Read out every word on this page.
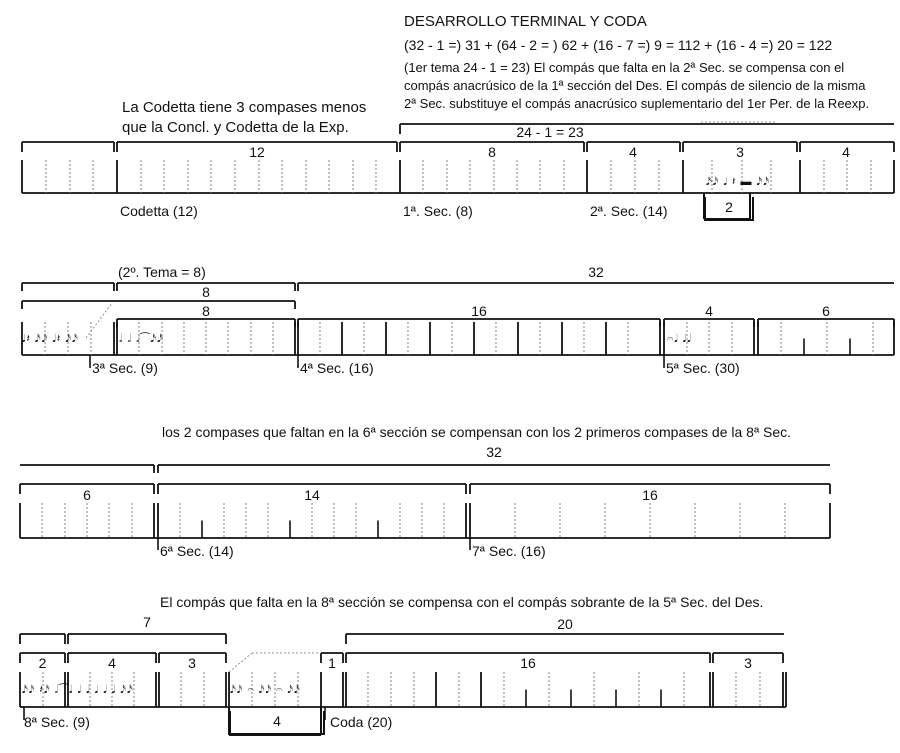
DESARROLLO TERMINAL Y CODA
(32 - 1 =) 31 + (64 - 2 = ) 62 + (16 - 7 =) 9 = 112 + (16 - 4 =) 20 = 122
(1er tema 24 - 1 = 23) El compás que falta en la 2ª Sec. se compensa con el
compás anacrúsico de la 1ª sección del Des. El compás de silencio de la misma
2ª Sec. substituye el compás anacrúsico suplementario del 1er Per. de la Reexp.
La Codetta tiene 3 compases menos
que la Concl. y Codetta de la Exp.	24 - 1 = 23
12	8	4	3	4
Codetta (12)	1ª. Sec. (8)	2ª. Sec. (14)	2
𝅘𝅥𝅯𝅘𝅥𝅯 𝅘𝅥 𝄽 ▬ 𝅘𝅥𝅯𝅘𝅥𝅯
(2º. Tema = 8)	32
8
8	16	4	6
3ª Sec. (9)	4ª Sec. (16)	5ª Sec. (30)
𝅘𝅥𝄽 𝅘𝅥𝅯𝅘𝅥𝅯 𝅘𝅥𝄽 𝅘𝅥𝅯𝅘𝅥𝅯	𝅗𝅥 𝅗𝅥 𝅗𝅥⁀𝅘𝅥𝅯𝅘𝅥𝅯	𝄐𝅘𝅥 𝅘𝅥𝅘𝅥
los 2 compases que faltan en la 6ª sección se compensan con los 2 primeros compases de la 8ª Sec.
32
6	14	16
6ª Sec. (14)	7ª Sec. (16)
El compás que falta en la 8ª sección se compensa con el compás sobrante de la 5ª Sec. del Des.
7	20
2	4	3	1	16	3
8ª Sec. (9)	Coda (20)
4
𝅘𝅥𝅯𝅘𝅥𝅯 𝄽𝅘𝅥𝅯 𝅗𝅥⁀𝅘𝅥 𝅘𝅥 𝅘𝅥 𝅘𝅥 𝅘𝅥 𝅘𝅥 𝅘𝅥𝅯𝅘𝅥𝅯	𝅘𝅥𝅯𝅘𝅥𝅯 𝄐 𝅘𝅥𝅯𝅘𝅥𝅯 𝄐 𝅘𝅥𝅯𝅘𝅥𝅯
